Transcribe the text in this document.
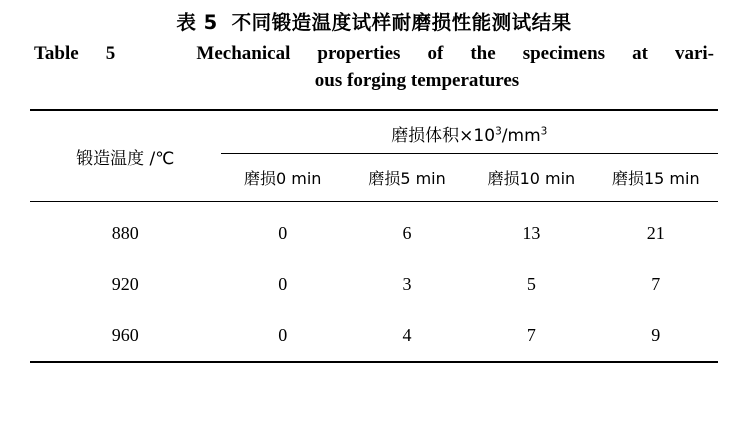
表 5 不同锻造温度试样耐磨损性能测试结果
Table 5	Mechanical properties of the specimens at vari-
ous forging temperatures
锻造温度 /℃	磨损体积$\times 10^3/mm^3$
	磨损0 min	磨损5 min	磨损10 min	磨损15 min

880	0	6	13	21
920	0	3	5	7
960	0	4	7	9
